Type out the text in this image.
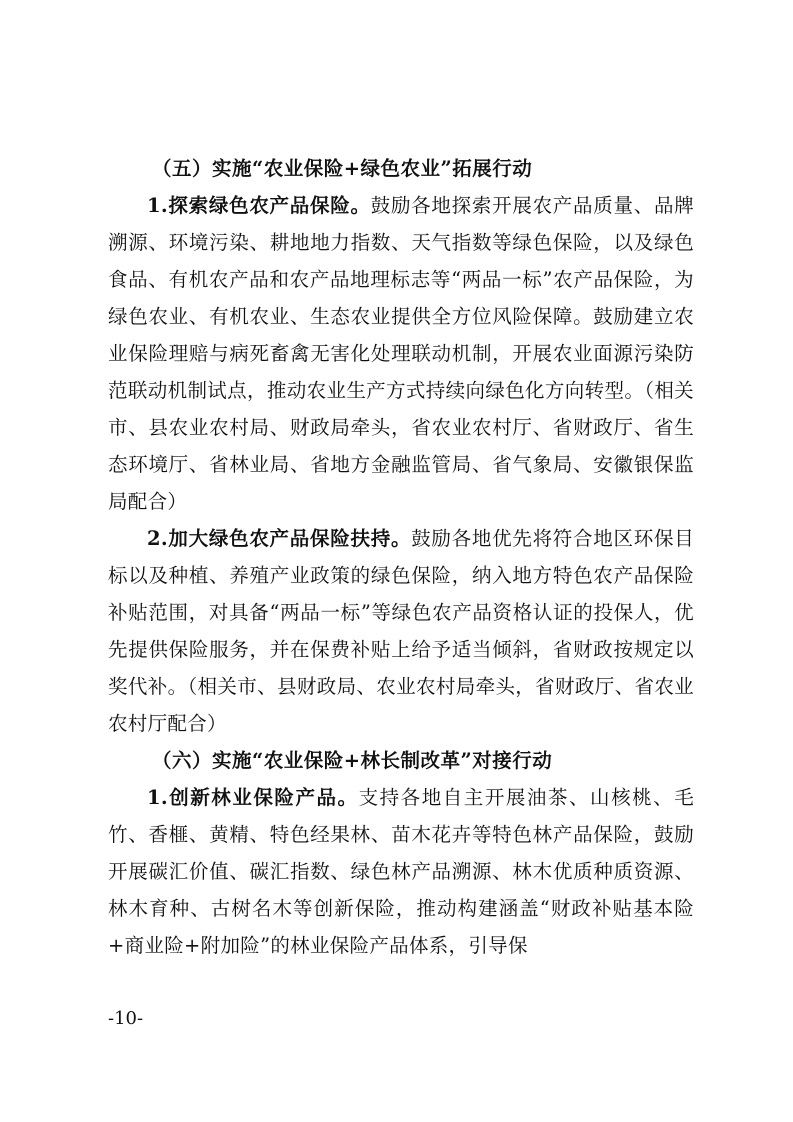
（五）实施“农业保险+绿色农业”拓展行动

1.探索绿色农产品保险。鼓励各地探索开展农产品质量、品牌溯源、环境污染、耕地地力指数、天气指数等绿色保险，以及绿色食品、有机农产品和农产品地理标志等“两品一标”农产品保险，为绿色农业、有机农业、生态农业提供全方位风险保障。鼓励建立农业保险理赔与病死畜禽无害化处理联动机制，开展农业面源污染防范联动机制试点，推动农业生产方式持续向绿色化方向转型。（相关市、县农业农村局、财政局牵头，省农业农村厅、省财政厅、省生态环境厅、省林业局、省地方金融监管局、省气象局、安徽银保监局配合）

2.加大绿色农产品保险扶持。鼓励各地优先将符合地区环保目标以及种植、养殖产业政策的绿色保险，纳入地方特色农产品保险补贴范围，对具备“两品一标”等绿色农产品资格认证的投保人，优先提供保险服务，并在保费补贴上给予适当倾斜，省财政按规定以奖代补。（相关市、县财政局、农业农村局牵头，省财政厅、省农业农村厅配合）

（六）实施“农业保险+林长制改革”对接行动

1.创新林业保险产品。支持各地自主开展油茶、山核桃、毛竹、香榧、黄精、特色经果林、苗木花卉等特色林产品保险，鼓励开展碳汇价值、碳汇指数、绿色林产品溯源、林木优质种质资源、林木育种、古树名木等创新保险，推动构建涵盖“财政补贴基本险+商业险+附加险”的林业保险产品体系，引导保

-10-
